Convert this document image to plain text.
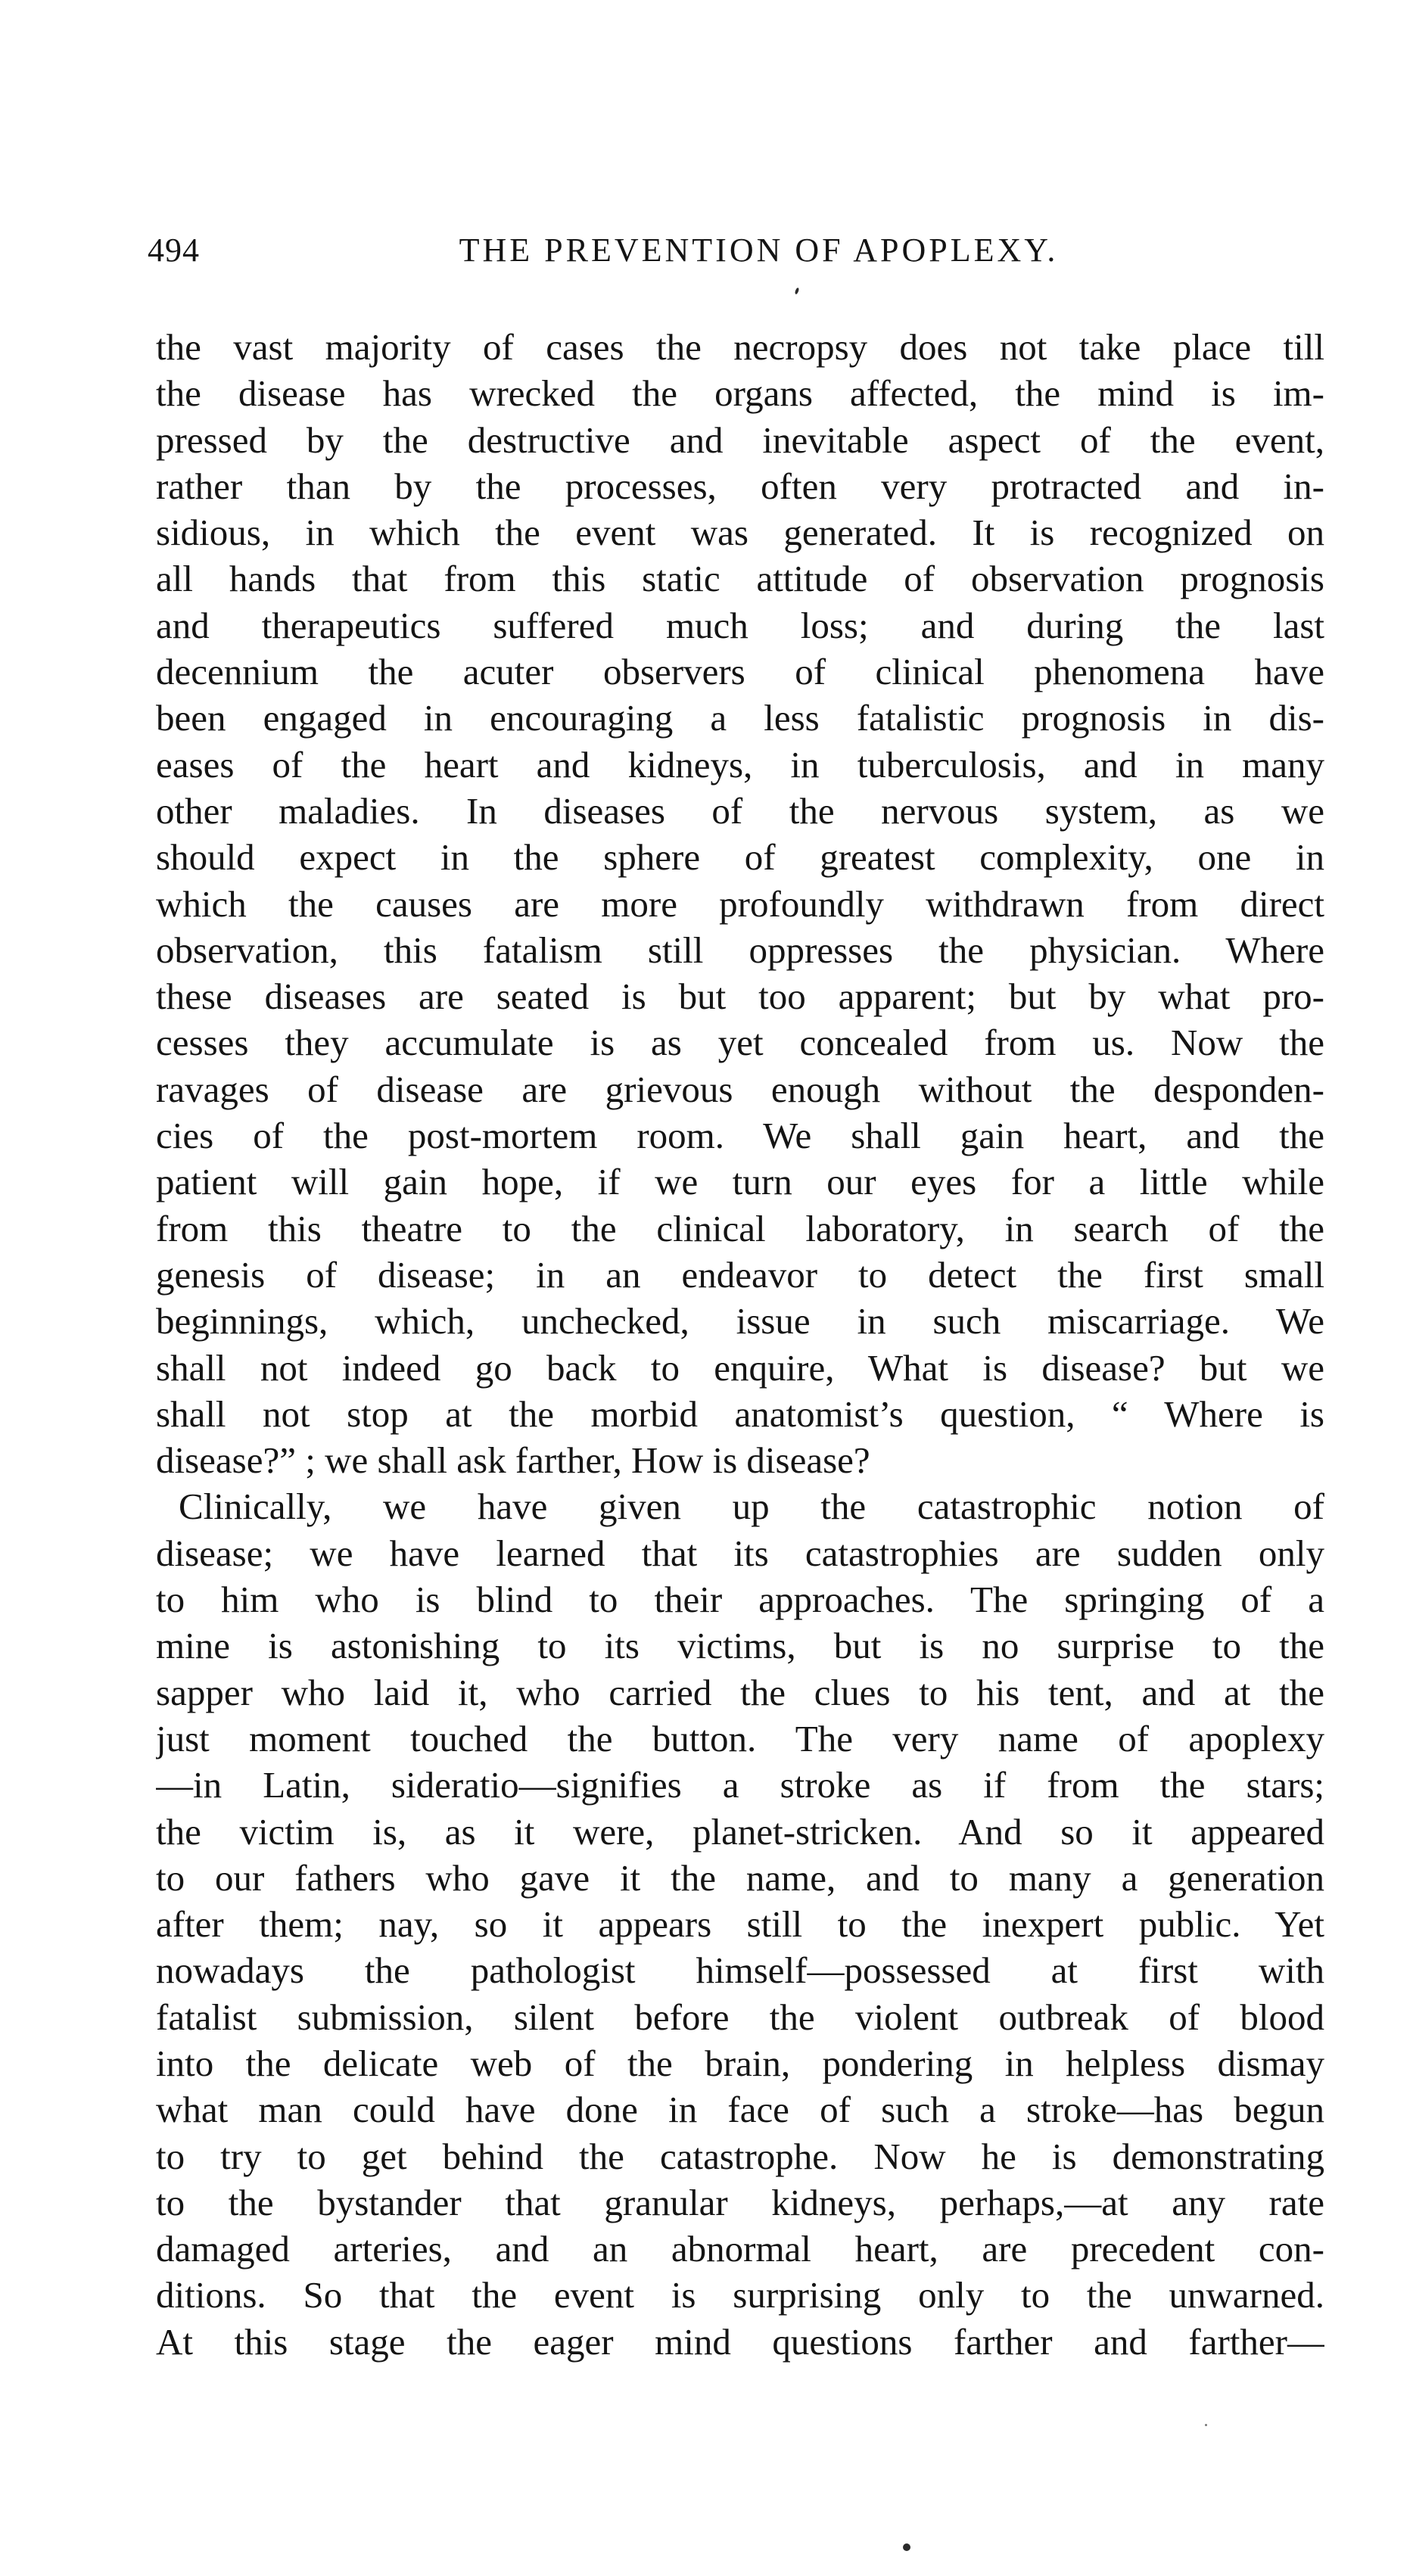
494	THE PREVENTION OF APOPLEXY.
the vast majority of cases the necropsy does not take place till
the disease has wrecked the organs affected, the mind is im-
pressed by the destructive and inevitable aspect of the event,
rather than by the processes, often very protracted and in-
sidious, in which the event was generated. It is recognized on
all hands that from this static attitude of observation prognosis
and therapeutics suffered much loss; and during the last
decennium the acuter observers of clinical phenomena have
been engaged in encouraging a less fatalistic prognosis in dis-
eases of the heart and kidneys, in tuberculosis, and in many
other maladies. In diseases of the nervous system, as we
should expect in the sphere of greatest complexity, one in
which the causes are more profoundly withdrawn from direct
observation, this fatalism still oppresses the physician. Where
these diseases are seated is but too apparent; but by what pro-
cesses they accumulate is as yet concealed from us. Now the
ravages of disease are grievous enough without the desponden-
cies of the post-mortem room. We shall gain heart, and the
patient will gain hope, if we turn our eyes for a little while
from this theatre to the clinical laboratory, in search of the
genesis of disease; in an endeavor to detect the first small
beginnings, which, unchecked, issue in such miscarriage. We
shall not indeed go back to enquire, What is disease? but we
shall not stop at the morbid anatomist’s question, “ Where is
disease?” ; we shall ask farther, How is disease?
Clinically, we have given up the catastrophic notion of
disease; we have learned that its catastrophies are sudden only
to him who is blind to their approaches. The springing of a
mine is astonishing to its victims, but is no surprise to the
sapper who laid it, who carried the clues to his tent, and at the
just moment touched the button. The very name of apoplexy
—in Latin, sideratio—signifies a stroke as if from the stars;
the victim is, as it were, planet-stricken. And so it appeared
to our fathers who gave it the name, and to many a generation
after them; nay, so it appears still to the inexpert public. Yet
nowadays the pathologist himself—possessed at first with
fatalist submission, silent before the violent outbreak of blood
into the delicate web of the brain, pondering in helpless dismay
what man could have done in face of such a stroke—has begun
to try to get behind the catastrophe. Now he is demonstrating
to the bystander that granular kidneys, perhaps,—at any rate
damaged arteries, and an abnormal heart, are precedent con-
ditions. So that the event is surprising only to the unwarned.
At this stage the eager mind questions farther and farther—
